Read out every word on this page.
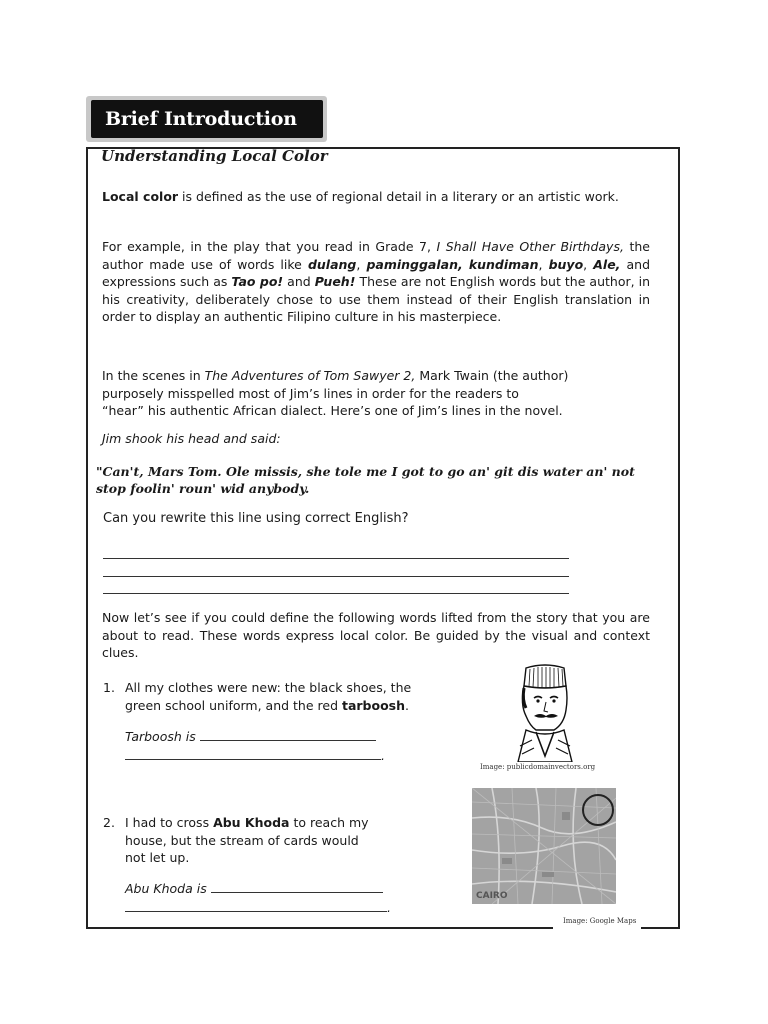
Brief Introduction
Understanding Local Color
Local color is defined as the use of regional detail in a literary or an artistic work.
For example, in the play that you read in Grade 7, I Shall Have Other Birthdays, the author made use of words like dulang, paminggalan, kundiman, buyo, Ale, and expressions such as Tao po! and Pueh! These are not English words but the author, in his creativity, deliberately chose to use them instead of their English translation in order to display an authentic Filipino culture in his masterpiece.
In the scenes in The Adventures of Tom Sawyer 2, Mark Twain (the author)
purposely misspelled most of Jim’s lines in order for the readers to
“hear” his authentic African dialect. Here’s one of Jim’s lines in the novel.
Jim shook his head and said:
"Can't, Mars Tom. Ole missis, she tole me I got to go an' git dis water an' not stop foolin' roun' wid anybody.
Can you rewrite this line using correct English?
Now let’s see if you could define the following words lifted from the story that you are about to read. These words express local color. Be guided by the visual and context clues.
1. All my clothes were new: the black shoes, the
green school uniform, and the red tarboosh.
Tarboosh is
.
Image: publicdomainvectors.org
2. I had to cross Abu Khoda to reach my
house, but the stream of cards would
not let up.
Abu Khoda is
.
CAIRO
Image: Google Maps
